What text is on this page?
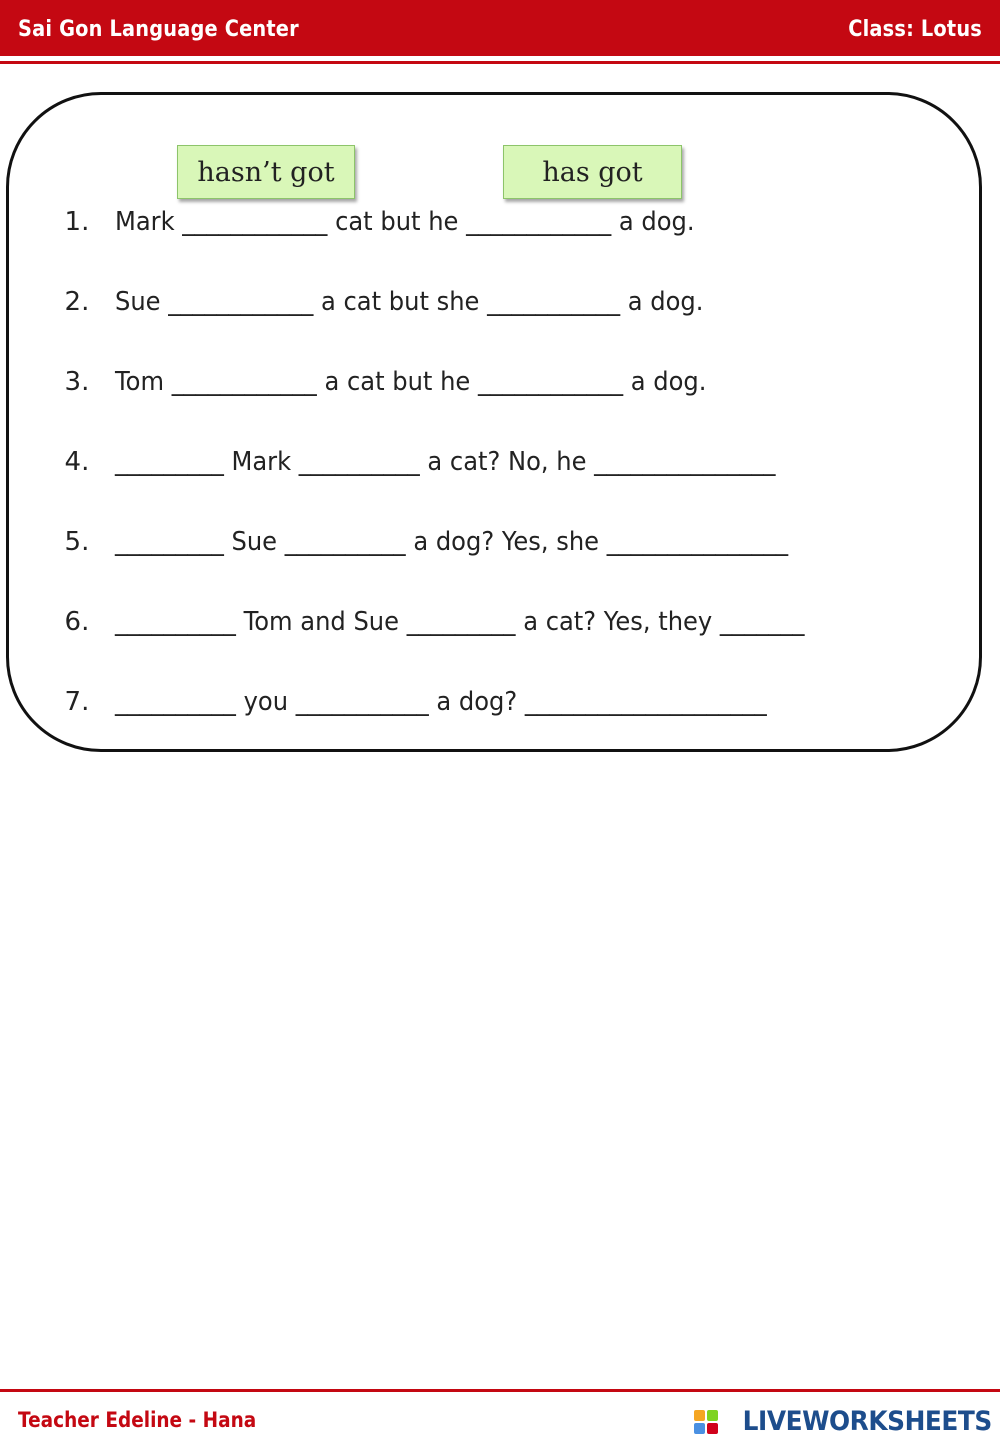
Sai Gon Language Center	Class: Lotus

1. Mark ____________ cat but he ____________ a dog.

2. Sue ____________ a cat but she ___________ a dog.

3. Tom ____________ a cat but he ____________ a dog.

4. _________ Mark __________ a cat? No, he _______________

5. _________ Sue __________ a dog? Yes, she _______________

6. __________ Tom and Sue _________ a cat? Yes, they _______

7. __________ you ___________ a dog? ____________________

hasn’t got	has got
Teacher Edeline - Hana	LIVEWORKSHEETS
